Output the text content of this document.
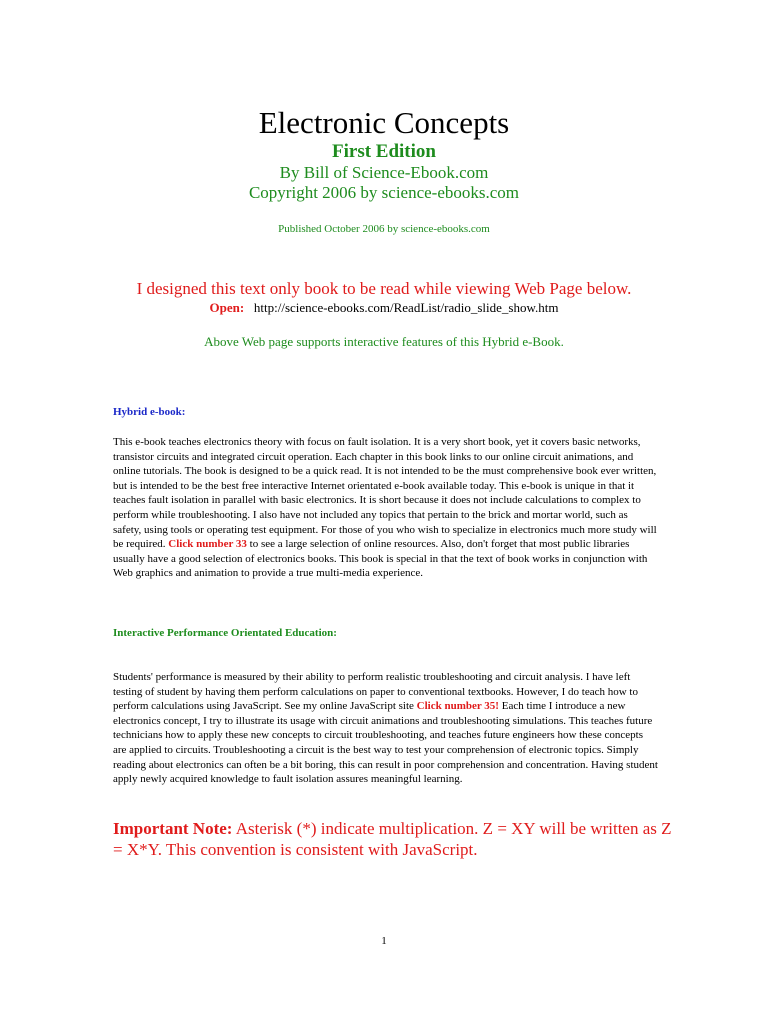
Electronic Concepts
First Edition
By Bill of Science-Ebook.com
Copyright 2006 by science-ebooks.com
Published October 2006 by science-ebooks.com
I designed this text only book to be read while viewing Web Page below.
Open: http://science-ebooks.com/ReadList/radio_slide_show.htm
Above Web page supports interactive features of this Hybrid e-Book.
Hybrid e-book:
This e-book teaches electronics theory with focus on fault isolation. It is a very short book, yet it covers basic networks, transistor circuits and integrated circuit operation. Each chapter in this book links to our online circuit animations, and online tutorials. The book is designed to be a quick read. It is not intended to be the must comprehensive book ever written, but is intended to be the best free interactive Internet orientated e-book available today. This e-book is unique in that it teaches fault isolation in parallel with basic electronics. It is short because it does not include calculations to complex to perform while troubleshooting. I also have not included any topics that pertain to the brick and mortar world, such as safety, using tools or operating test equipment. For those of you who wish to specialize in electronics much more study will be required. Click number 33 to see a large selection of online resources. Also, don't forget that most public libraries usually have a good selection of electronics books. This book is special in that the text of book works in conjunction with Web graphics and animation to provide a true multi-media experience.
Interactive Performance Orientated Education:
Students' performance is measured by their ability to perform realistic troubleshooting and circuit analysis. I have left testing of student by having them perform calculations on paper to conventional textbooks. However, I do teach how to perform calculations using JavaScript. See my online JavaScript site Click number 35! Each time I introduce a new electronics concept, I try to illustrate its usage with circuit animations and troubleshooting simulations. This teaches future technicians how to apply these new concepts to circuit troubleshooting, and teaches future engineers how these concepts are applied to circuits. Troubleshooting a circuit is the best way to test your comprehension of electronic topics. Simply reading about electronics can often be a bit boring, this can result in poor comprehension and concentration. Having student apply newly acquired knowledge to fault isolation assures meaningful learning.
Important Note: Asterisk (*) indicate multiplication. Z = XY will be written as Z = X*Y. This convention is consistent with JavaScript.
1
